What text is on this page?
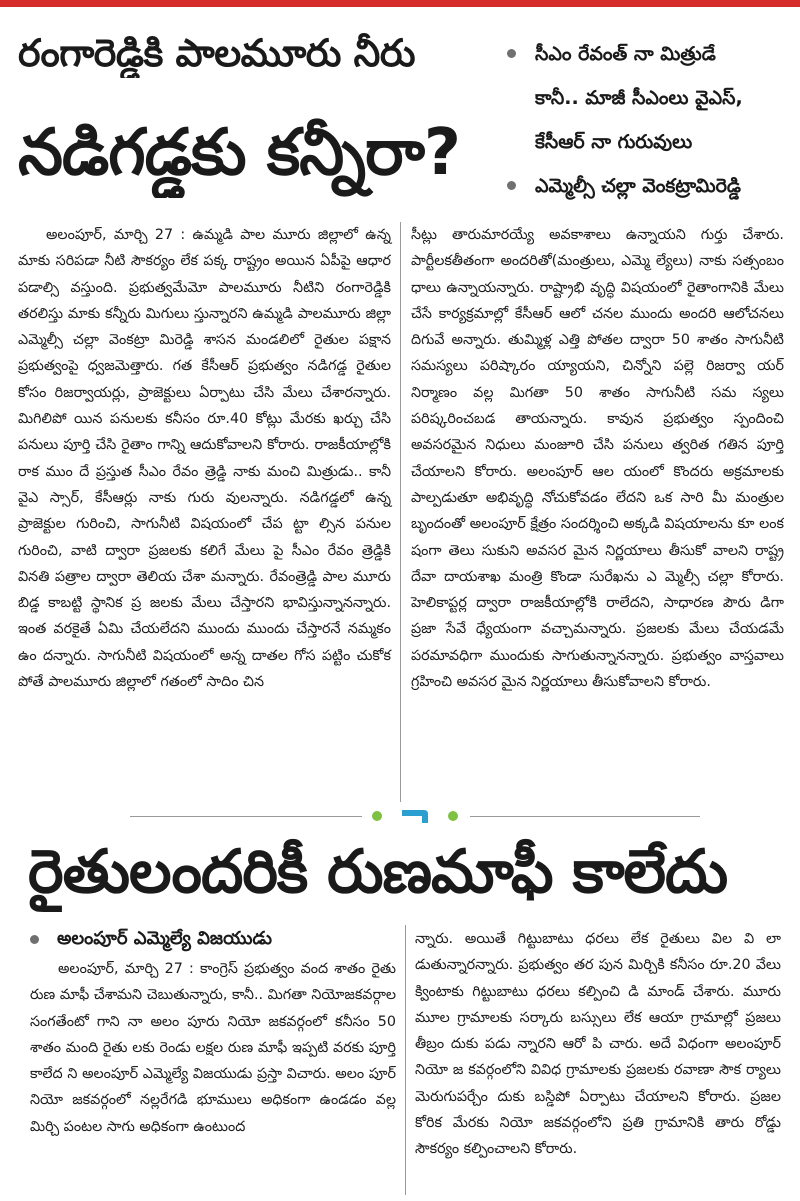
రంగారెడ్డికి పాలమూరు నీరు
నడిగడ్డకు కన్నీరా?
సీఎం రేవంత్ నా మిత్రుడే
కానీ.. మాజీ సీఎంలు వైఎస్,
కేసీఆర్ నా గురువులు
ఎమ్మెల్సీ చల్లా వెంకట్రామిరెడ్డి

అలంపూర్, మార్చి 27 : ఉమ్మడి పాల మూరు జిల్లాలో ఉన్న మాకు సరిపడా నీటి సౌకర్యం లేక పక్క రాష్ట్రం అయిన ఏపీపై ఆధార పడాల్సి వస్తుంది. ప్రభుత్వమేమో పాలమూరు నీటిని రంగారెడ్డికి తరలిస్తు మాకు కన్నీరు మిగులు స్తున్నారని ఉమ్మడి పాలమూరు జిల్లా ఎమ్మెల్సీ చల్లా వెంకట్రా మిరెడ్డి శాసన మండలిలో రైతుల పక్షాన ప్రభుత్వంపై ధ్వజమెత్తారు. గత కేసీఆర్ ప్రభుత్వం నడిగడ్డ రైతుల కోసం రిజర్వాయర్లు, ప్రాజెక్టులు ఏర్పాటు చేసి మేలు చేశారన్నారు. మిగిలిపో యిన పనులకు కనీసం రూ.40 కోట్లు మేరకు ఖర్చు చేసి పనులు పూర్తి చేసి రైతాం గాన్ని ఆదుకోవాలని కోరారు. రాజకీయాల్లోకి రాక ముం దే ప్రస్తుత సీఎం రేవం త్రెడ్డి నాకు మంచి మిత్రుడు.. కానీ వైఎ స్సార్, కేసీఆర్లు నాకు గురు వులన్నారు. నడిగడ్డలో ఉన్న ప్రాజెక్టుల గురించి, సాగునీటి విషయంలో చేప ట్టా ల్సిన పనుల గురించి, వాటి ద్వారా ప్రజలకు కలిగే మేలు పై సీఎం రేవం త్రెడ్డికి వినతి పత్రాల ద్వారా తెలియ చేశా మన్నారు. రేవంత్రెడ్డి పాల మూరు బిడ్డ కాబట్టి స్థానిక ప్ర జలకు మేలు చేస్తారని భావిస్తున్నానన్నారు. ఇంత వరకైతే ఏమి చేయలేదని ముందు ముందు చేస్తారనే నమ్మకం ఉం దన్నారు. సాగునీటి విషయంలో అన్న దాతల గోస పట్టిం చుకోక పోతే పాలమూరు జిల్లాలో గతంలో సాదిం చిన

సీట్లు తారుమారయ్యే అవకాశాలు ఉన్నాయని గుర్తు చేశారు. పార్టీలకతీతంగా అందరితో(మంత్రులు, ఎమ్మె ల్యేలు) నాకు సత్సంబం ధాలు ఉన్నాయన్నారు. రాష్ట్రాభి వృద్ధి విషయంలో రైతాంగానికి మేలు చేసే కార్యక్రమాల్లో కేసీఆర్ ఆలో చనల ముందు అందరి ఆలోచనలు దిగువే అన్నారు. తుమ్మిళ్ల ఎత్తి పోతల ద్వారా 50 శాతం సాగునీటి సమస్యలు పరిష్కారం య్యాయని, చిన్నోని పల్లె రిజర్వా యర్ నిర్మాణం వల్ల మిగతా 50 శాతం సాగునీటి సమ స్యలు పరిష్కరించబడ తాయన్నారు. కావున ప్రభుత్వం స్పందించి అవసరమైన నిధులు మంజూరి చేసి పనులు త్వరిత గతిన పూర్తి చేయాలని కోరారు. అలంపూర్ ఆల యంలో కొందరు అక్రమాలకు పాల్పడుతూ అభివృద్ధి నోచుకోవడం లేదని ఒక సారి మీ మంత్రుల బృందంతో అలంపూర్ క్షేత్రం సందర్శించి అక్కడి విషయాలను కూ లంక షంగా తెలు సుకుని అవసర మైన నిర్ణయాలు తీసుకో వాలని రాష్ట్ర దేవా దాయశాఖ మంత్రి కొండా సురేఖను ఎ మ్మెల్సీ చల్లా కోరారు. హెలికాప్టర్ల ద్వారా రాజకీయాల్లోకి రాలేదని, సాధారణ పౌరు డిగా ప్రజా సేవే ధ్యేయంగా వచ్చామన్నారు. ప్రజలకు మేలు చేయడమే పరమావధిగా ముందుకు సాగుతున్నానన్నారు. ప్రభుత్వం వాస్తవాలు గ్రహించి అవసర మైన నిర్ణయాలు తీసుకోవాలని కోరారు.

రైతులందరికీ రుణమాఫీ కాలేదు
అలంపూర్ ఎమ్మెల్యే విజయుడు

అలంపూర్, మార్చి 27 : కాంగ్రెస్ ప్రభుత్వం వంద శాతం రైతు రుణ మాఫీ చేశామని చెబుతున్నారు, కానీ.. మిగతా నియోజకవర్గాల సంగతేంటో గాని నా అలం పూరు నియో జకవర్గంలో కనీసం 50 శాతం మంది రైతు లకు రెండు లక్షల రుణ మాఫీ ఇప్పటి వరకు పూర్తి కాలేద ని అలంపూర్ ఎమ్మెల్యే విజయుడు ప్రస్తా విచారు. అలం పూర్ నియో జకవర్గంలో నల్లరేగడి భూములు అధికంగా ఉండడం వల్ల మిర్చి పంటల సాగు అధికంగా ఉంటుంద

న్నారు. అయితే గిట్టుబాటు ధరలు లేక రైతులు విల వి లా డుతున్నారన్నారు. ప్రభుత్వం తర పున మిర్చికి కనీసం రూ.20 వేలు క్వింటాకు గిట్టుబాటు ధరలు కల్పించి డి మాండ్ చేశారు. మూరు మూల గ్రామాలకు సర్కారు బస్సులు లేక ఆయా గ్రామాల్లో ప్రజలు తీబ్రం దుకు పడు న్నారని ఆరో పి చారు. అదే విధంగా అలంపూర్ నియో జ కవర్గంలోని వివిధ గ్రామాలకు ప్రజలకు రవాణా సౌక ర్యాలు మెరుగుపర్చేం దుకు బస్డిపో ఏర్పాటు చేయాలని కోరారు. ప్రజల కోరిక మేరకు నియో జకవర్గంలోని ప్రతి గ్రామానికి తారు రోడ్డు సౌకర్యం కల్పించాలని కోరారు.
